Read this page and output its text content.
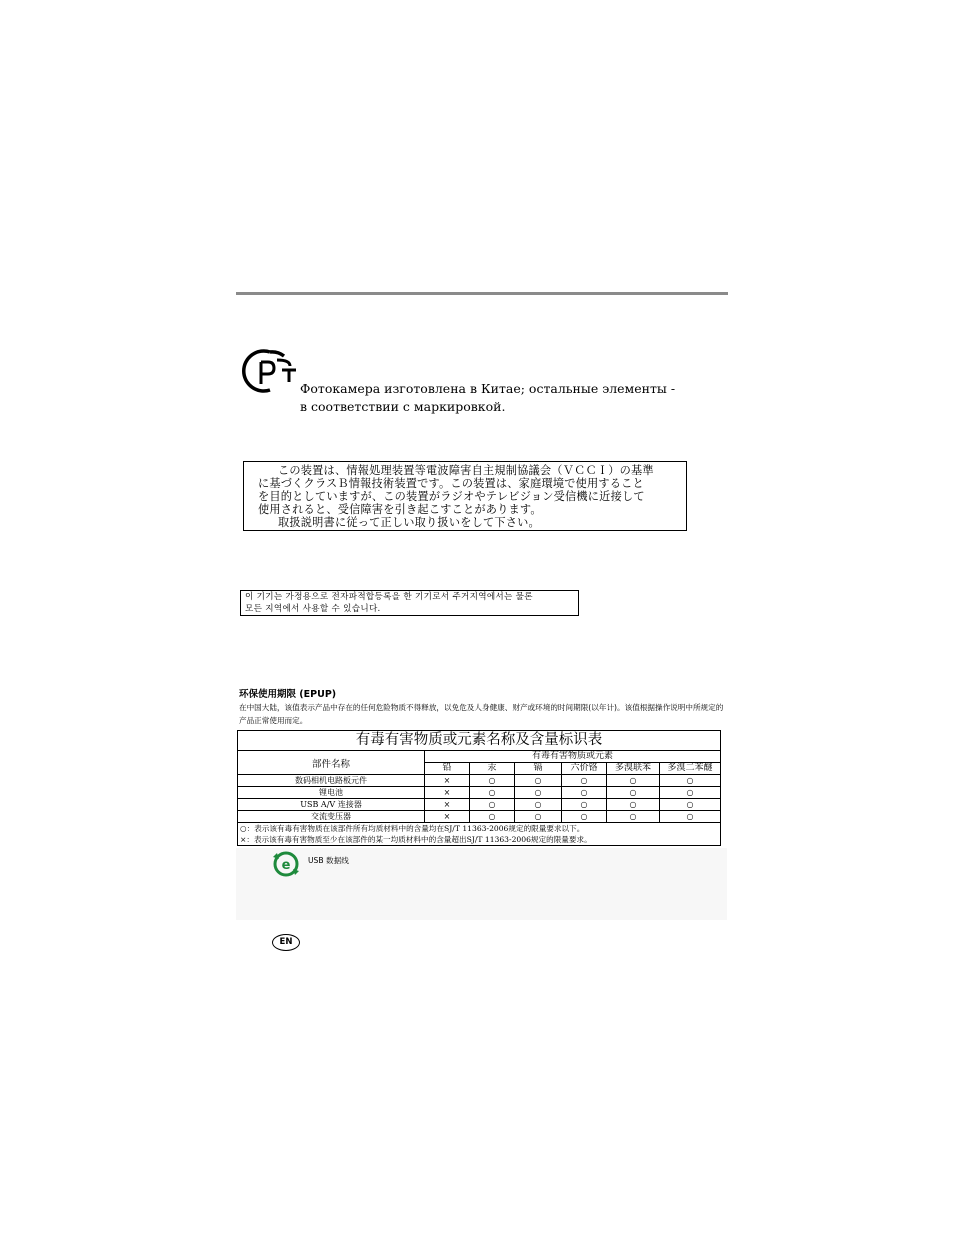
Фотокамера изготовлена в Китае; остальные элементы -
в соответствии с маркировкой.
この装置は、情報処理装置等電波障害自主規制協議会（ＶＣＣＩ）の基準
に基づくクラスＢ情報技術装置です。この装置は、家庭環境で使用すること
を目的としていますが、この装置がラジオやテレビジョン受信機に近接して
使用されると、受信障害を引き起こすことがあります。
取扱説明書に従って正しい取り扱いをして下さい。
이 기기는 가정용으로 전자파적합등록을 한 기기로서 주거지역에서는 물론
모든 지역에서 사용할 수 있습니다.
环保使用期限 (EPUP)
在中国大陆，该值表示产品中存在的任何危险物质不得释放，以免危及人身健康、财产或环境的时间期限(以年计)。该值根据操作说明中所规定的产品正常使用而定。
有毒有害物质或元素名称及含量标识表						
部件名称	有毒有害物质或元素					
	铅	汞	镉	六价铬	多溴联苯	多溴二苯醚
数码相机电路板元件	×	○	○	○	○	○
锂电池	×	○	○	○	○	○
USB A/V 连接器	×	○	○	○	○	○
交流变压器	×	○	○	○	○	○
○：表示该有毒有害物质在该部件所有均质材料中的含量均在SJ/T 11363-2006规定的限量要求以下。						
×：表示该有毒有害物质至少在该部件的某一均质材料中的含量超出SJ/T 11363-2006规定的限量要求。						
e USB 数据线
EN
